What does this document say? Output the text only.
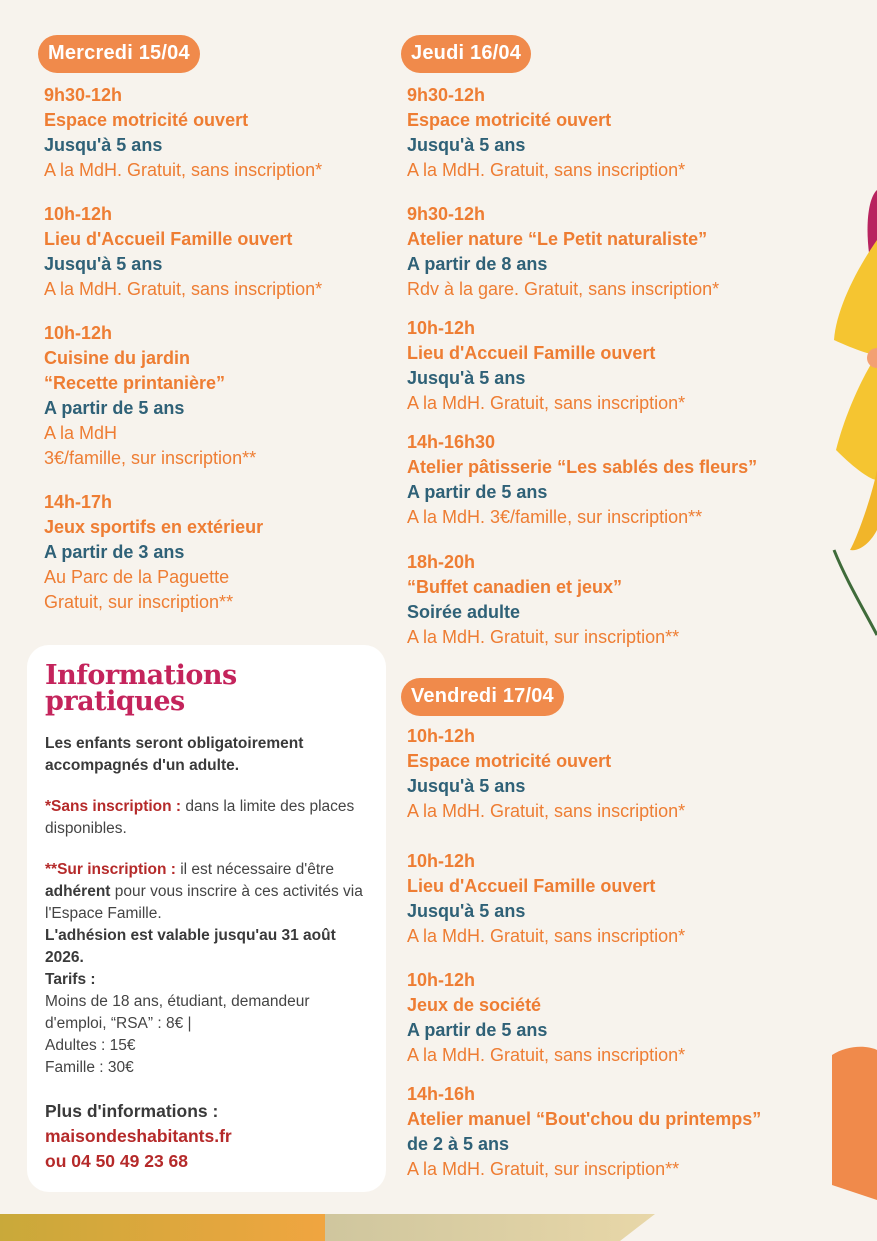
Mercredi 15/04
9h30-12h
Espace motricité ouvert
Jusqu'à 5 ans
A la MdH. Gratuit, sans inscription*
10h-12h
Lieu d'Accueil Famille ouvert
Jusqu'à 5 ans
A la MdH. Gratuit, sans inscription*
10h-12h
Cuisine du jardin
“Recette printanière”
A partir de 5 ans
A la MdH
3€/famille, sur inscription**
14h-17h
Jeux sportifs en extérieur
A partir de 3 ans
Au Parc de la Paguette
Gratuit, sur inscription**
Informations
pratiques

Les enfants seront obligatoirement accompagnés d'un adulte.

*Sans inscription : dans la limite des places disponibles.

**Sur inscription : il est nécessaire d'être adhérent pour vous inscrire à ces activités via l'Espace Famille.

L'adhésion est valable jusqu'au 31 août 2026.

Tarifs :

Moins de 18 ans, étudiant, demandeur d'emploi, “RSA” : 8€ |

Adultes : 15€

Famille : 30€

Plus d'informations :
maisondeshabitants.fr
ou 04 50 49 23 68
Jeudi 16/04
9h30-12h
Espace motricité ouvert
Jusqu'à 5 ans
A la MdH. Gratuit, sans inscription*
9h30-12h
Atelier nature “Le Petit naturaliste”
A partir de 8 ans
Rdv à la gare. Gratuit, sans inscription*
10h-12h
Lieu d'Accueil Famille ouvert
Jusqu'à 5 ans
A la MdH. Gratuit, sans inscription*
14h-16h30
Atelier pâtisserie “Les sablés des fleurs”
A partir de 5 ans
A la MdH. 3€/famille, sur inscription**
18h-20h
“Buffet canadien et jeux”
Soirée adulte
A la MdH. Gratuit, sur inscription**
Vendredi 17/04
10h-12h
Espace motricité ouvert
Jusqu'à 5 ans
A la MdH. Gratuit, sans inscription*
10h-12h
Lieu d'Accueil Famille ouvert
Jusqu'à 5 ans
A la MdH. Gratuit, sans inscription*
10h-12h
Jeux de société
A partir de 5 ans
A la MdH. Gratuit, sans inscription*
14h-16h
Atelier manuel “Bout'chou du printemps”
de 2 à 5 ans
A la MdH. Gratuit, sur inscription**
